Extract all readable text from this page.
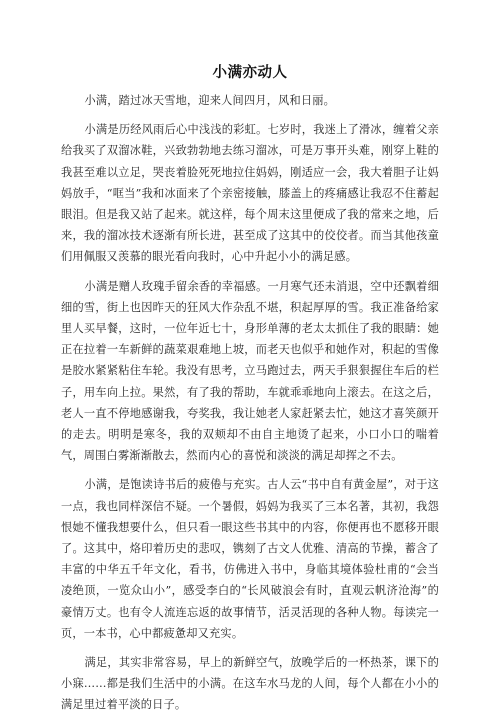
小满亦动人

小满，踏过冰天雪地，迎来人间四月，风和日丽。

小满是历经风雨后心中浅浅的彩虹。七岁时，我迷上了滑冰，缠着父亲给我买了双溜冰鞋，兴致勃勃地去练习溜冰，可是万事开头难，刚穿上鞋的我甚至难以立足，哭丧着脸死死地拉住妈妈，刚适应一会，我大着胆子让妈妈放手，“哐当”我和冰面来了个亲密接触，膝盖上的疼痛感让我忍不住蓄起眼泪。但是我又站了起来。就这样，每个周末这里便成了我的常来之地，后来，我的溜冰技术逐渐有所长进，甚至成了这其中的佼佼者。而当其他孩童们用佩服又羡慕的眼光看向我时，心中升起小小的满足感。

小满是赠人玫瑰手留余香的幸福感。一月寒气还未消退，空中还飘着细细的雪，街上也因昨天的狂风大作杂乱不堪，积起厚厚的雪。我正准备给家里人买早餐，这时，一位年近七十，身形单薄的老太太抓住了我的眼睛：她正在拉着一车新鲜的蔬菜艰难地上坡，而老天也似乎和她作对，积起的雪像是胶水紧紧粘住车轮。我没有思考，立马跑过去，两天手狠狠握住车后的栏子，用车向上拉。果然，有了我的帮助，车就乖乖地向上滚去。在这之后，老人一直不停地感谢我，夸奖我，我让她老人家赶紧去忙，她这才喜笑颜开的走去。明明是寒冬，我的双颊却不由自主地烫了起来，小口小口的喘着气，周围白雾渐渐散去，然而内心的喜悦和淡淡的满足却挥之不去。

小满，是饱读诗书后的疲倦与充实。古人云“书中自有黄金屋”，对于这一点，我也同样深信不疑。一个暑假，妈妈为我买了三本名著，其初，我怨恨她不懂我想要什么，但只看一眼这些书其中的内容，你便再也不愿移开眼了。这其中，烙印着历史的悲叹，镌刻了古文人优雅、清高的节操，蓄含了丰富的中华五千年文化，看书，仿佛进入书中，身临其境体验杜甫的“会当凌绝顶，一览众山小”，感受李白的“长风破浪会有时，直观云帆济沧海”的豪情万丈。也有令人流连忘返的故事情节，活灵活现的各种人物。每读完一页，一本书，心中都疲惫却又充实。

满足，其实非常容易，早上的新鲜空气，放晚学后的一杯热茶，课下的小寐……都是我们生活中的小满。在这车水马龙的人间，每个人都在小小的满足里过着平淡的日子。
